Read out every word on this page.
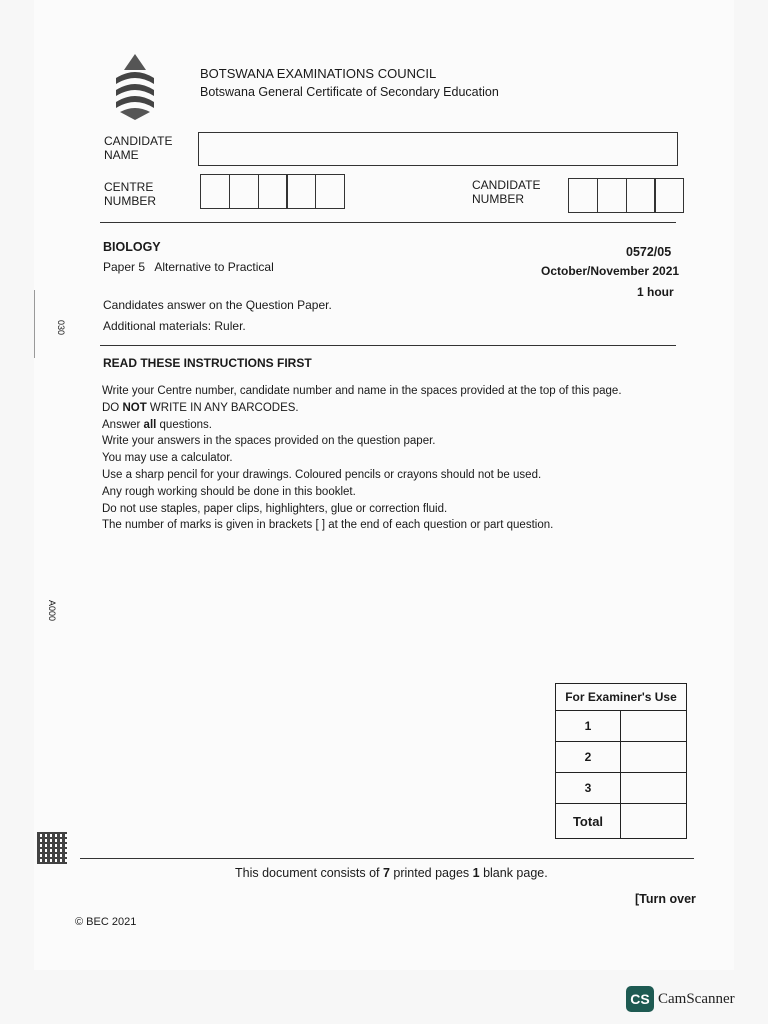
BOTSWANA EXAMINATIONS COUNCIL
Botswana General Certificate of Secondary Education
CANDIDATE
NAME
CENTRE
NUMBER
CANDIDATE
NUMBER
BIOLOGY	0572/05
Paper 5   Alternative to Practical	October/November 2021
1 hour
Candidates answer on the Question Paper.
Additional materials: Ruler.
READ THESE INSTRUCTIONS FIRST
Write your Centre number, candidate number and name in the spaces provided at the top of this page.
DO NOT WRITE IN ANY BARCODES.
Answer all questions.
Write your answers in the spaces provided on the question paper.
You may use a calculator.
Use a sharp pencil for your drawings. Coloured pencils or crayons should not be used.
Any rough working should be done in this booklet.
Do not use staples, paper clips, highlighters, glue or correction fluid.
The number of marks is given in brackets [ ] at the end of each question or part question.
030
A000
For Examiner's Use	
1	
2	
3	
Total	
This document consists of 7 printed pages 1 blank page.
[Turn over
© BEC 2021
CS CamScanner
